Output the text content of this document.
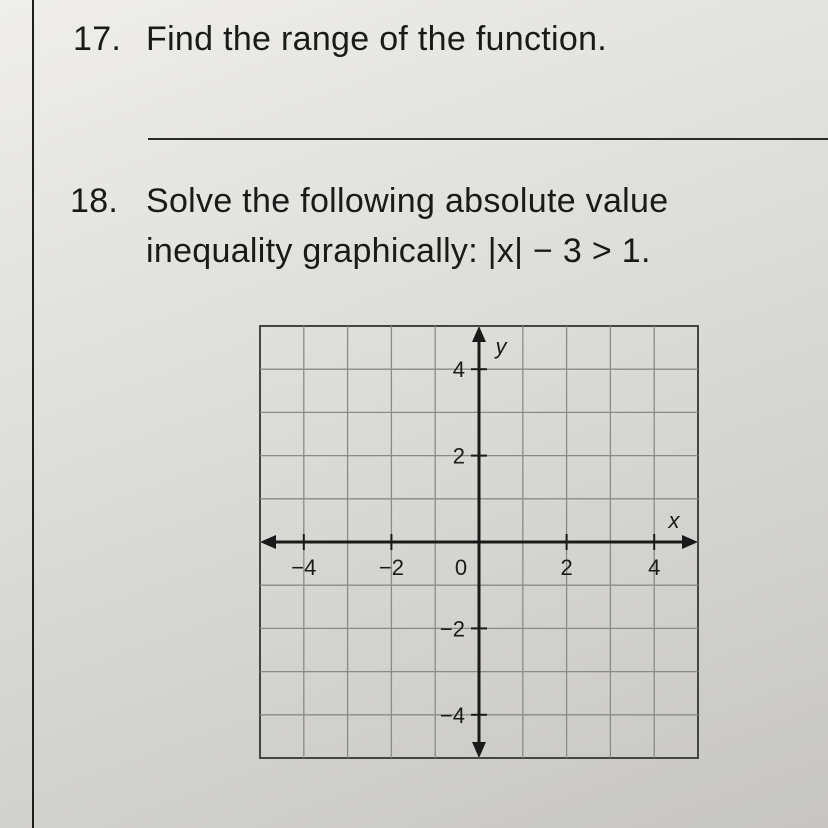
17. Find the range of the function.
18. Solve the following absolute value
inequality graphically: |x| − 3 > 1.
−4	−2 0	2	4
4
2
−2
−4
x
y
